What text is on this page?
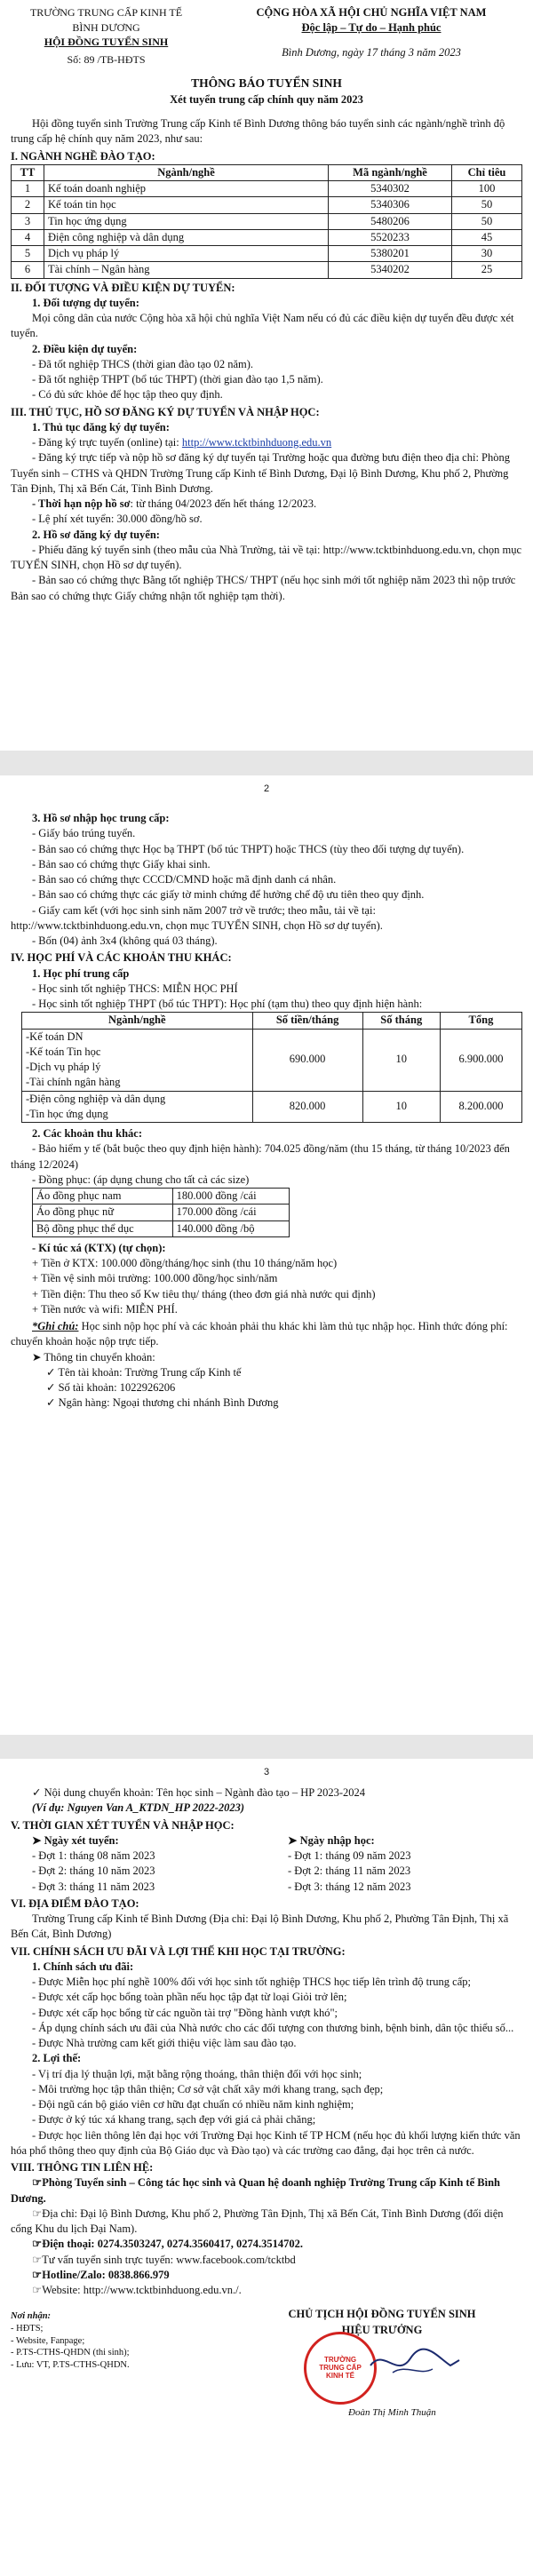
TRƯỜNG TRUNG CẤP KINH TẾ
BÌNH DƯƠNG
HỘI ĐỒNG TUYỂN SINH
Số: 89 /TB-HĐTS
CỘNG HÒA XÃ HỘI CHỦ NGHĨA VIỆT NAM
Độc lập – Tự do – Hạnh phúc
Bình Dương, ngày 17 tháng 3 năm 2023
THÔNG BÁO TUYỂN SINH
Xét tuyển trung cấp chính quy năm 2023

Hội đồng tuyển sinh Trường Trung cấp Kinh tế Bình Dương thông báo tuyển sinh các ngành/nghề trình độ trung cấp hệ chính quy năm 2023, như sau:

I. NGÀNH NGHỀ ĐÀO TẠO:
TT	Ngành/nghề	Mã ngành/nghề	Chỉ tiêu
1	Kế toán doanh nghiệp	5340302	100
2	Kế toán tin học	5340306	50
3	Tin học ứng dụng	5480206	50
4	Điện công nghiệp và dân dụng	5520233	45
5	Dịch vụ pháp lý	5380201	30
6	Tài chính – Ngân hàng	5340202	25
II. ĐỐI TƯỢNG VÀ ĐIỀU KIỆN DỰ TUYỂN:
1. Đối tượng dự tuyển:

Mọi công dân của nước Cộng hòa xã hội chủ nghĩa Việt Nam nếu có đủ các điều kiện dự tuyển đều được xét tuyển.

2. Điều kiện dự tuyển:

- Đã tốt nghiệp THCS (thời gian đào tạo 02 năm).

- Đã tốt nghiệp THPT (bổ túc THPT) (thời gian đào tạo 1,5 năm).

- Có đủ sức khỏe để học tập theo quy định.

III. THỦ TỤC, HỒ SƠ ĐĂNG KÝ DỰ TUYỂN VÀ NHẬP HỌC:
1. Thủ tục đăng ký dự tuyển:

- Đăng ký trực tuyến (online) tại: http://www.tcktbinhduong.edu.vn

- Đăng ký trực tiếp và nộp hồ sơ đăng ký dự tuyển tại Trường hoặc qua đường bưu điện theo địa chỉ: Phòng Tuyển sinh – CTHS và QHDN Trường Trung cấp Kinh tế Bình Dương, Đại lộ Bình Dương, Khu phố 2, Phường Tân Định, Thị xã Bến Cát, Tỉnh Bình Dương.

- Thời hạn nộp hồ sơ: từ tháng 04/2023 đến hết tháng 12/2023.

- Lệ phí xét tuyển: 30.000 đồng/hồ sơ.

2. Hồ sơ đăng ký dự tuyển:

- Phiếu đăng ký tuyển sinh (theo mẫu của Nhà Trường, tải về tại: http://www.tcktbinhduong.edu.vn, chọn mục TUYỂN SINH, chọn Hồ sơ dự tuyển).

- Bản sao có chứng thực Bằng tốt nghiệp THCS/ THPT (nếu học sinh mới tốt nghiệp năm 2023 thì nộp trước Bản sao có chứng thực Giấy chứng nhận tốt nghiệp tạm thời).

2
3. Hồ sơ nhập học trung cấp:

- Giấy báo trúng tuyển.

- Bản sao có chứng thực Học bạ THPT (bổ túc THPT) hoặc THCS (tùy theo đối tượng dự tuyển).

- Bản sao có chứng thực Giấy khai sinh.

- Bản sao có chứng thực CCCD/CMND hoặc mã định danh cá nhân.

- Bản sao có chứng thực các giấy tờ minh chứng để hưởng chế độ ưu tiên theo quy định.

- Giấy cam kết (với học sinh sinh năm 2007 trở về trước; theo mẫu, tải về tại: http://www.tcktbinhduong.edu.vn, chọn mục TUYỂN SINH, chọn Hồ sơ dự tuyển).

- Bốn (04) ảnh 3x4 (không quá 03 tháng).

IV. HỌC PHÍ VÀ CÁC KHOẢN THU KHÁC:
1. Học phí trung cấp

- Học sinh tốt nghiệp THCS: MIỄN HỌC PHÍ

- Học sinh tốt nghiệp THPT (bổ túc THPT): Học phí (tạm thu) theo quy định hiện hành:

Ngành/nghề	Số tiền/tháng	Số tháng	Tổng

-Kế toán DN
-Kế toán Tin học
-Dịch vụ pháp lý
-Tài chính ngân hàng	690.000	10	6.900.000

-Điện công nghiệp và dân dụng
-Tin học ứng dụng	820.000	10	8.200.000
2. Các khoản thu khác:

- Bảo hiểm y tế (bắt buộc theo quy định hiện hành): 704.025 đồng/năm (thu 15 tháng, từ tháng 10/2023 đến tháng 12/2024)

- Đồng phục: (áp dụng chung cho tất cả các size)

Áo đồng phục nam	180.000 đồng /cái
Áo đồng phục nữ	170.000 đồng /cái
Bộ đồng phục thể dục	140.000 đồng /bộ

- Kí túc xá (KTX) (tự chọn):

+ Tiền ở KTX: 100.000 đồng/tháng/học sinh (thu 10 tháng/năm học)

+ Tiền vệ sinh môi trường: 100.000 đồng/học sinh/năm

+ Tiền điện: Thu theo số Kw tiêu thụ/ tháng (theo đơn giá nhà nước qui định)

+ Tiền nước và wifi: MIỄN PHÍ.

*Ghi chú: Học sinh nộp học phí và các khoản phải thu khác khi làm thủ tục nhập học. Hình thức đóng phí: chuyển khoản hoặc nộp trực tiếp.

➤ Thông tin chuyển khoản:
✓ Tên tài khoản: Trường Trung cấp Kinh tế
✓ Số tài khoản: 1022926206
✓ Ngân hàng: Ngoại thương chi nhánh Bình Dương
3
✓ Nội dung chuyển khoản: Tên học sinh – Ngành đào tạo – HP 2023-2024
(Ví dụ: Nguyen Van A_KTDN_HP 2022-2023)
V. THỜI GIAN XÉT TUYỂN VÀ NHẬP HỌC:
➤ Ngày xét tuyển:
- Đợt 1: tháng 08 năm 2023
- Đợt 2: tháng 10 năm 2023
- Đợt 3: tháng 11 năm 2023
➤ Ngày nhập học:
- Đợt 1: tháng 09 năm 2023
- Đợt 2: tháng 11 năm 2023
- Đợt 3: tháng 12 năm 2023
VI. ĐỊA ĐIỂM ĐÀO TẠO:

Trường Trung cấp Kinh tế Bình Dương (Địa chỉ: Đại lộ Bình Dương, Khu phố 2, Phường Tân Định, Thị xã Bến Cát, Bình Dương)

VII. CHÍNH SÁCH ƯU ĐÃI VÀ LỢI THẾ KHI HỌC TẠI TRƯỜNG:
1. Chính sách ưu đãi:

- Được Miễn học phí nghề 100% đối với học sinh tốt nghiệp THCS học tiếp lên trình độ trung cấp;

- Được xét cấp học bổng toàn phần nếu học tập đạt từ loại Giỏi trở lên;

- Được xét cấp học bổng từ các nguồn tài trợ "Đồng hành vượt khó";

- Áp dụng chính sách ưu đãi của Nhà nước cho các đối tượng con thương binh, bệnh binh, dân tộc thiểu số...

- Được Nhà trường cam kết giới thiệu việc làm sau đào tạo.

2. Lợi thế:

- Vị trí địa lý thuận lợi, mặt bằng rộng thoáng, thân thiện đối với học sinh;

- Môi trường học tập thân thiện; Cơ sở vật chất xây mới khang trang, sạch đẹp;

- Đội ngũ cán bộ giáo viên cơ hữu đạt chuẩn có nhiều năm kinh nghiệm;

- Được ở ký túc xá khang trang, sạch đẹp với giá cả phải chăng;

- Được học liên thông lên đại học với Trường Đại học Kinh tế TP HCM (nếu học đủ khối lượng kiến thức văn hóa phổ thông theo quy định của Bộ Giáo dục và Đào tạo) và các trường cao đẳng, đại học trên cả nước.

VIII. THÔNG TIN LIÊN HỆ:

☞Phòng Tuyển sinh – Công tác học sinh và Quan hệ doanh nghiệp Trường Trung cấp Kinh tế Bình Dương.

☞Địa chỉ: Đại lộ Bình Dương, Khu phố 2, Phường Tân Định, Thị xã Bến Cát, Tỉnh Bình Dương (đối diện cổng Khu du lịch Đại Nam).

☞Điện thoại: 0274.3503247, 0274.3560417, 0274.3514702.

☞Tư vấn tuyển sinh trực tuyến: www.facebook.com/tcktbd

☞Hotline/Zalo: 0838.866.979

☞Website: http://www.tcktbinhduong.edu.vn./.

Nơi nhận:
- HĐTS;
- Website, Fanpage;
- P.TS-CTHS-QHDN (thi sinh);
- Lưu: VT, P.TS-CTHS-QHDN.
CHỦ TỊCH HỘI ĐỒNG TUYỂN SINH
HIỆU TRƯỞNG
TRƯỜNG TRUNG CẤP KINH TẾ
Đoàn Thị Minh Thuận
